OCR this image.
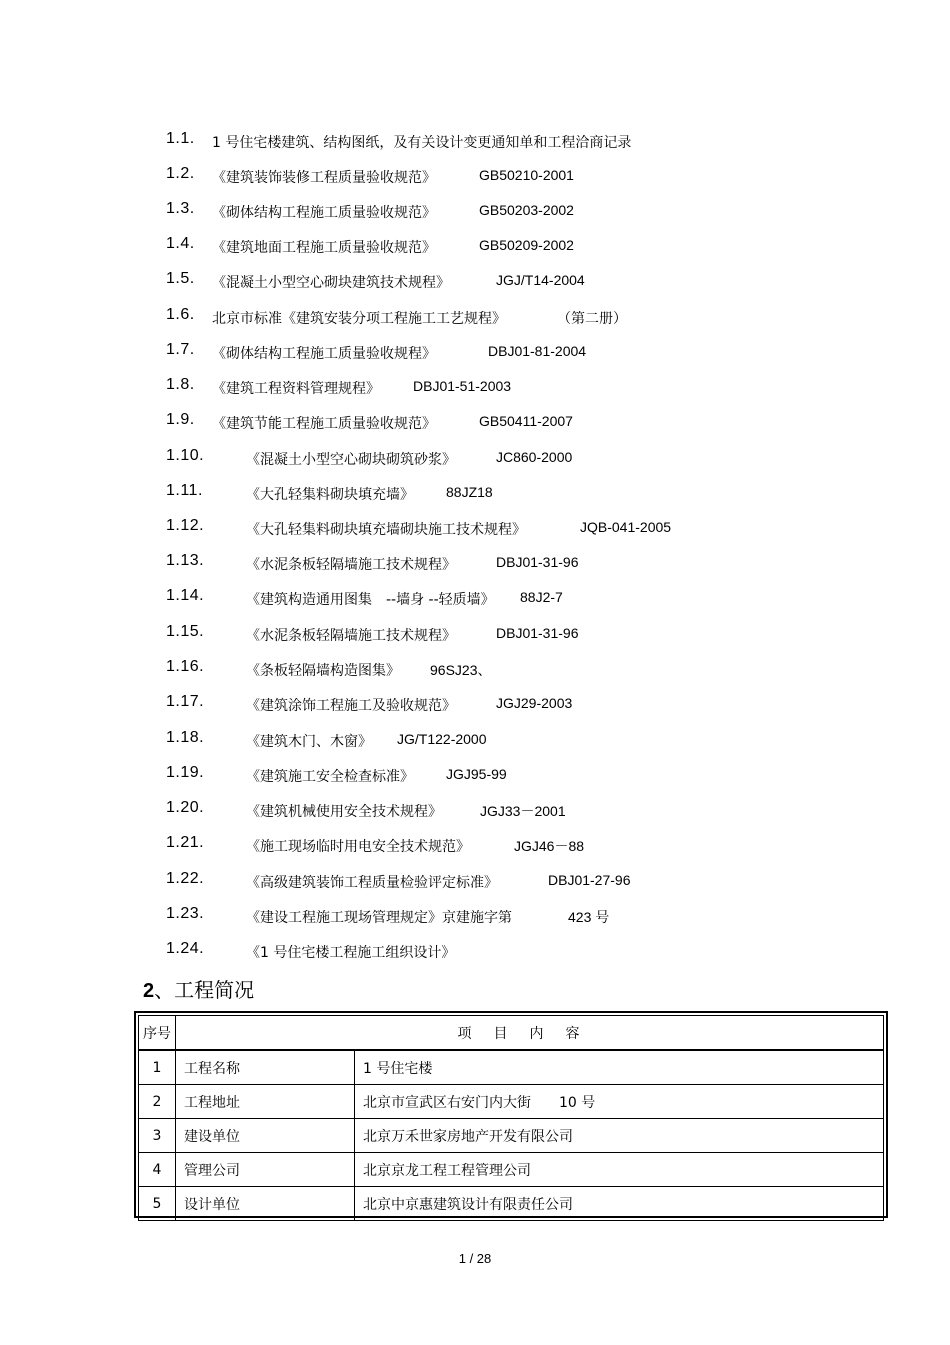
1.1. 1 号住宅楼建筑、结构图纸，及有关设计变更通知单和工程洽商记录
1.2. 《建筑装饰装修工程质量验收规范》	GB50210-2001
1.3. 《砌体结构工程施工质量验收规范》	GB50203-2002
1.4. 《建筑地面工程施工质量验收规范》	GB50209-2002
1.5. 《混凝土小型空心砌块建筑技术规程》	JGJ/T14-2004
1.6. 北京市标准《建筑安装分项工程施工工艺规程》	（第二册）
1.7. 《砌体结构工程施工质量验收规程》	DBJ01-81-2004
1.8. 《建筑工程资料管理规程》 DBJ01-51-2003
1.9. 《建筑节能工程施工质量验收规范》	GB50411-2007
1.10.	《混凝土小型空心砌块砌筑砂浆》	JC860-2000
1.11.	《大孔轻集料砌块填充墙》 88JZ18
1.12.	《大孔轻集料砌块填充墙砌块施工技术规程》	JQB-041-2005
1.13.	《水泥条板轻隔墙施工技术规程》	DBJ01-31-96
1.14.	《建筑构造通用图集　--墙身 --轻质墙》 88J2-7
1.15.	《水泥条板轻隔墙施工技术规程》	DBJ01-31-96
1.16.	《条板轻隔墙构造图集》 96SJ23、
1.17.	《建筑涂饰工程施工及验收规范》	JGJ29-2003
1.18.	《建筑木门、木窗》 JG/T122-2000
1.19.	《建筑施工安全检查标准》 JGJ95-99
1.20.	《建筑机械使用安全技术规程》	JGJ33－2001
1.21.	《施工现场临时用电安全技术规范》	JGJ46－88
1.22.	《高级建筑装饰工程质量检验评定标准》	DBJ01-27-96
1.23.	《建设工程施工现场管理规定》京建施字第	423 号
1.24.	《1 号住宅楼工程施工组织设计》
2、工程简况
序号	项目内容	
1	工程名称	1 号住宅楼
2	工程地址	北京市宣武区右安门内大街　　10 号
3	建设单位	北京万禾世家房地产开发有限公司
4	管理公司	北京京龙工程工程管理公司
5	设计单位	北京中京惠建筑设计有限责任公司
1 / 28
